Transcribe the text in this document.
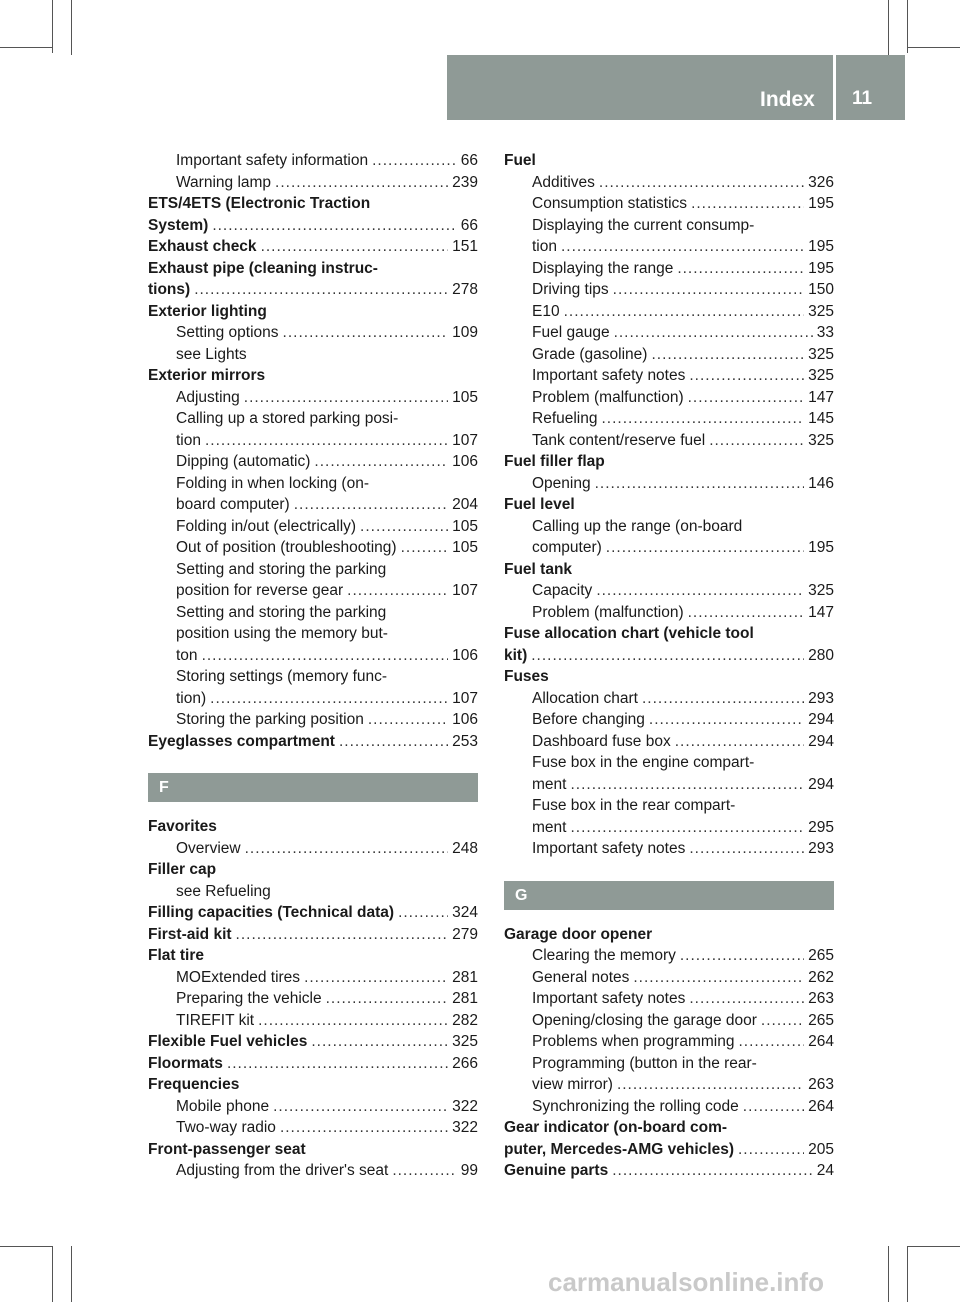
Index 11
Important safety information .....	66
Warning lamp .....	239
ETS/4ETS (Electronic Traction
System) .....	66
Exhaust check .....	151
Exhaust pipe (cleaning instruc-
tions) .....	278
Exterior lighting
Setting options .....	109
see Lights
Exterior mirrors
Adjusting .....	105
Calling up a stored parking posi-
tion .....	107
Dipping (automatic) .....	106
Folding in when locking (on-
board computer) .....	204
Folding in/out (electrically) .....	105
Out of position (troubleshooting) .....	105
Setting and storing the parking
position for reverse gear .....	107
Setting and storing the parking
position using the memory but-
ton .....	106
Storing settings (memory func-
tion) .....	107
Storing the parking position .....	106
Eyeglasses compartment .....	253
F
Favorites
Overview .....	248
Filler cap
see Refueling
Filling capacities (Technical data) .....	324
First-aid kit .....	279
Flat tire
MOExtended tires .....	281
Preparing the vehicle .....	281
TIREFIT kit .....	282
Flexible Fuel vehicles .....	325
Floormats .....	266
Frequencies
Mobile phone .....	322
Two-way radio .....	322
Front-passenger seat
Adjusting from the driver's seat .....	99
Fuel
Additives .....	326
Consumption statistics .....	195
Displaying the current consump-
tion .....	195
Displaying the range .....	195
Driving tips .....	150
E10 .....	325
Fuel gauge .....	33
Grade (gasoline) .....	325
Important safety notes .....	325
Problem (malfunction) .....	147
Refueling .....	145
Tank content/reserve fuel .....	325
Fuel filler flap
Opening .....	146
Fuel level
Calling up the range (on-board
computer) .....	195
Fuel tank
Capacity .....	325
Problem (malfunction) .....	147
Fuse allocation chart (vehicle tool
kit) .....	280
Fuses
Allocation chart .....	293
Before changing .....	294
Dashboard fuse box .....	294
Fuse box in the engine compart-
ment .....	294
Fuse box in the rear compart-
ment .....	295
Important safety notes .....	293
G
Garage door opener
Clearing the memory .....	265
General notes .....	262
Important safety notes .....	263
Opening/closing the garage door .....	265
Problems when programming .....	264
Programming (button in the rear-
view mirror) .....	263
Synchronizing the rolling code .....	264
Gear indicator (on-board com-
puter, Mercedes-AMG vehicles) .....	205
Genuine parts .....	24
carmanualsonline.info
